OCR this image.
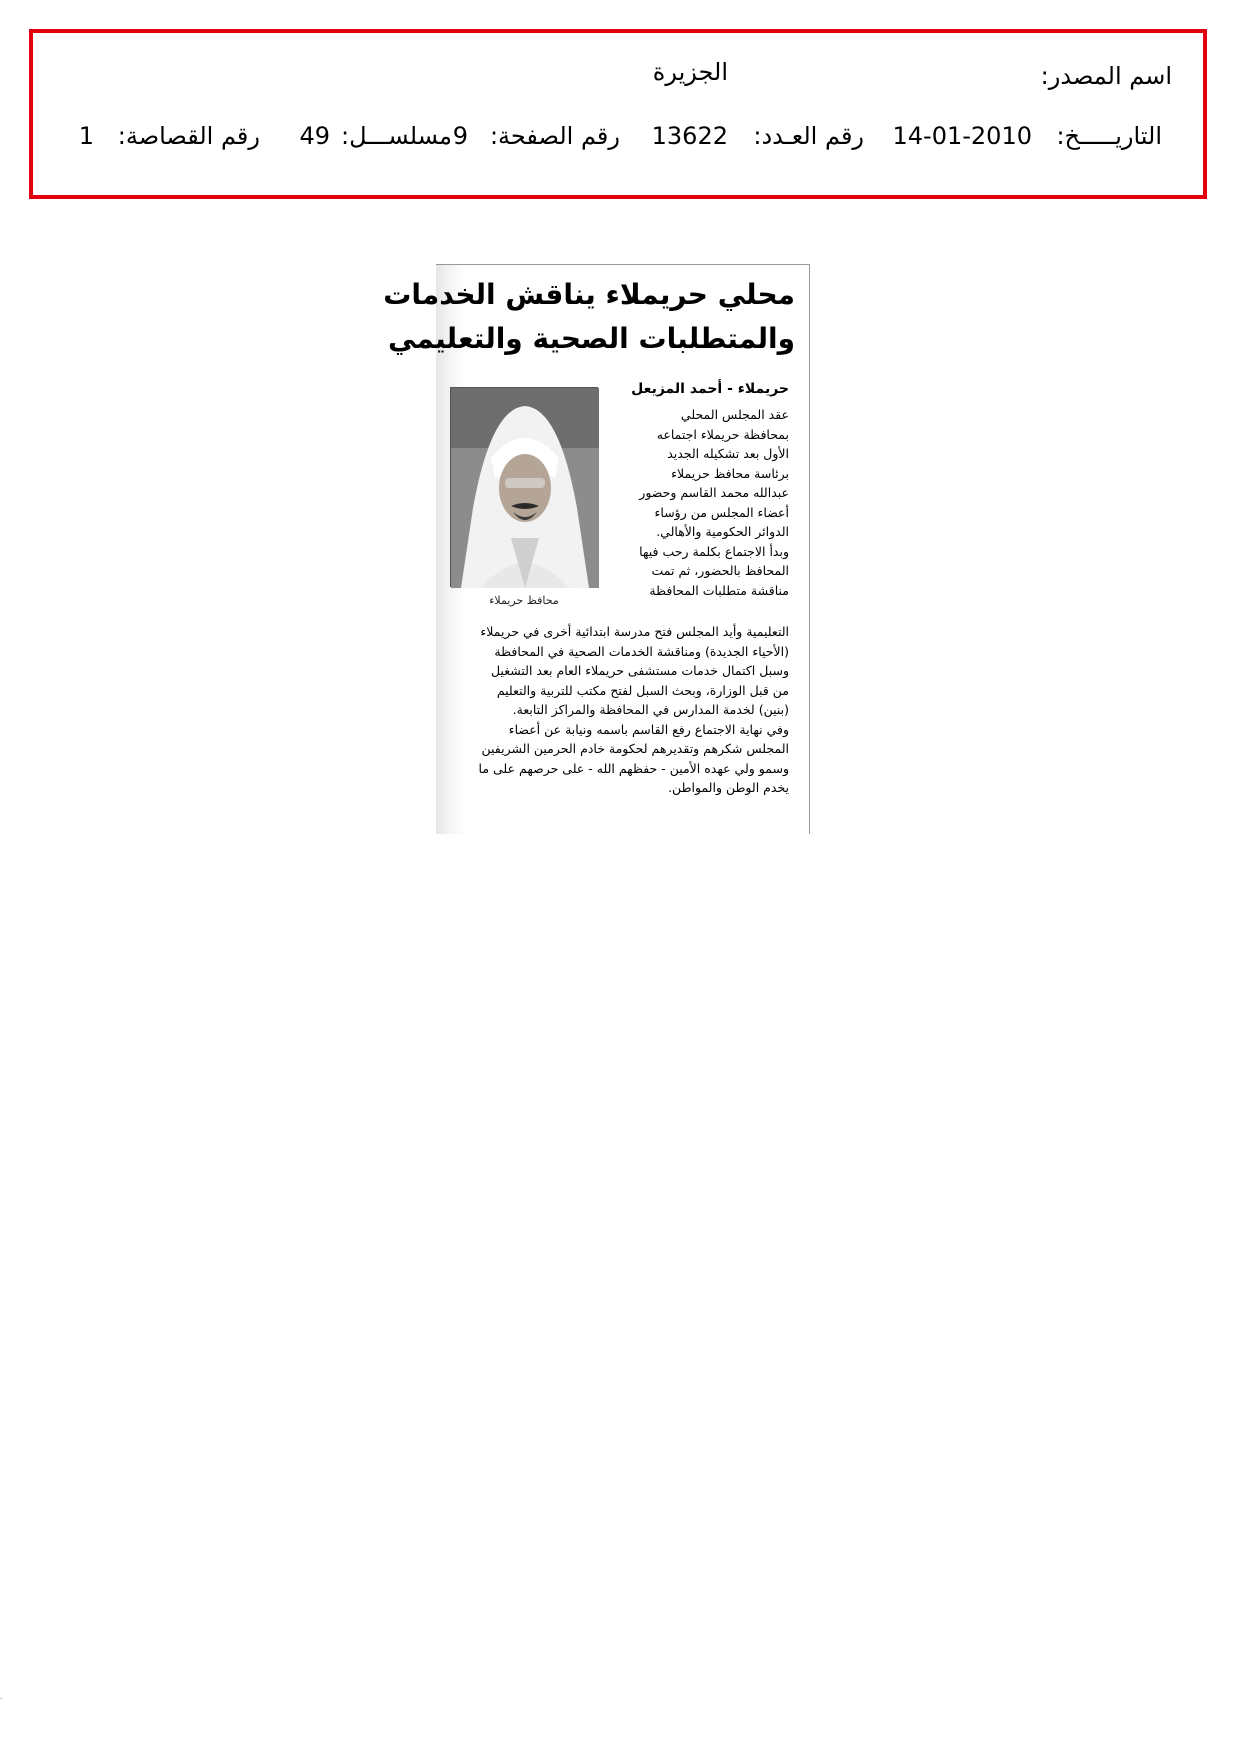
اسم المصدر:
الجزيرة
التاريـــــخ:
14-01-2010
رقم العـدد:
13622
رقم الصفحة:
9
مسلســـل:
49
رقم القصاصة:
1
محلي حريملاء يناقش الخدمات
والمتطلبات الصحية والتعليمي
محافظ حريملاء
حريملاء - أحمد المزيعل
عقد المجلس المحلي
بمحافظة حريملاء اجتماعه
الأول بعد تشكيله الجديد
برئاسة محافظ حريملاء
عبدالله محمد القاسم وحضور
أعضاء المجلس من رؤساء
الدوائر الحكومية والأهالي.
وبدأ الاجتماع بكلمة رحب فيها
المحافظ بالحضور، ثم تمت
مناقشة متطلبات المحافظة
التعليمية وأيد المجلس فتح مدرسة ابتدائية أخرى في حريملاء
(الأحياء الجديدة) ومناقشة الخدمات الصحية في المحافظة
وسبل اكتمال خدمات مستشفى حريملاء العام بعد التشغيل
من قبل الوزارة، وبحث السبل لفتح مكتب للتربية والتعليم
(بنين) لخدمة المدارس في المحافظة والمراكز التابعة.
وفي نهاية الاجتماع رفع القاسم باسمه ونيابة عن أعضاء
المجلس شكرهم وتقديرهم لحكومة خادم الحرمين الشريفين
وسمو ولي عهده الأمين - حفظهم الله - على حرصهم على ما
يخدم الوطن والمواطن.
.
